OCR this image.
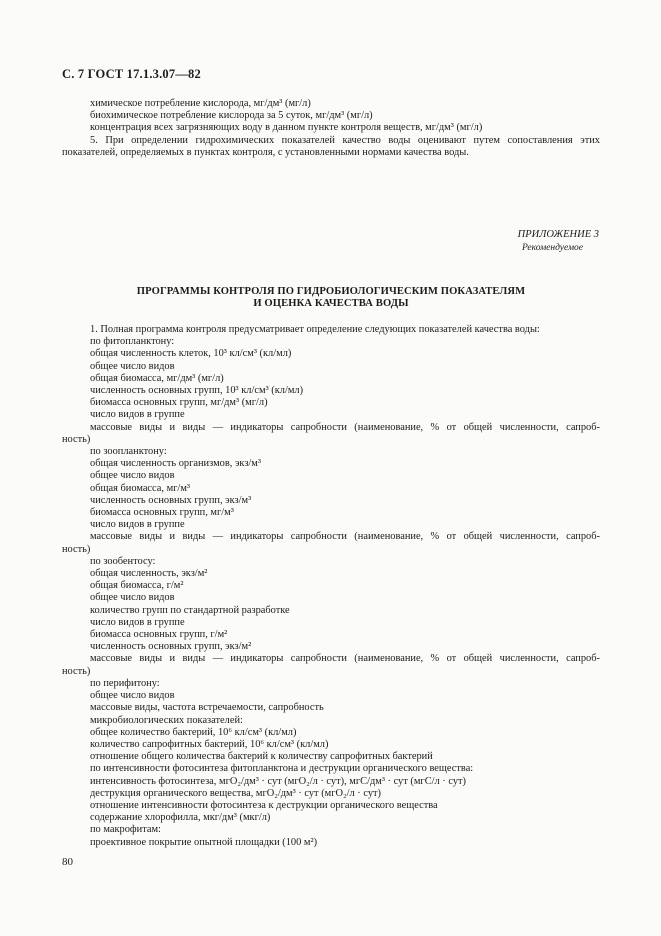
С. 7 ГОСТ 17.1.3.07—82

химическое потребление кислорода, мг/дм³ (мг/л)

биохимическое потребление кислорода за 5 суток, мг/дм³ (мг/л)

концентрация всех загрязняющих воду в данном пункте контроля веществ, мг/дм³ (мг/л)

5. При определении гидрохимических показателей качество воды оценивают путем сопоставления этих

показателей, определяемых в пунктах контроля, с установленными нормами качества воды.

ПРИЛОЖЕНИЕ 3
Рекомендуемое
ПРОГРАММЫ КОНТРОЛЯ ПО ГИДРОБИОЛОГИЧЕСКИМ ПОКАЗАТЕЛЯМ
И ОЦЕНКА КАЧЕСТВА ВОДЫ

1. Полная программа контроля предусматривает определение следующих показателей качества воды:

по фитопланктону:

общая численность клеток, 10³ кл/см³ (кл/мл)

общее число видов

общая биомасса, мг/дм³ (мг/л)

численность основных групп, 10³ кл/см³ (кл/мл)

биомасса основных групп, мг/дм³ (мг/л)

число видов в группе

массовые виды и виды — индикаторы сапробности (наименование, % от общей численности, сапроб-

ность)

по зоопланктону:

общая численность организмов, экз/м³

общее число видов

общая биомасса, мг/м³

численность основных групп, экз/м³

биомасса основных групп, мг/м³

число видов в группе

массовые виды и виды — индикаторы сапробности (наименование, % от общей численности, сапроб-

ность)

по зообентосу:

общая численность, экз/м²

общая биомасса, г/м²

общее число видов

количество групп по стандартной разработке

число видов в группе

биомасса основных групп, г/м²

численность основных групп, экз/м²

массовые виды и виды — индикаторы сапробности (наименование, % от общей численности, сапроб-

ность)

по перифитону:

общее число видов

массовые виды, частота встречаемости, сапробность

микробиологических показателей:

общее количество бактерий, 10⁶ кл/см³ (кл/мл)

количество сапрофитных бактерий, 10⁶ кл/см³ (кл/мл)

отношение общего количества бактерий к количеству сапрофитных бактерий

по интенсивности фотосинтеза фитопланктона и деструкции органического вещества:

интенсивность фотосинтеза, мгО₂/дм³ · сут (мгО₂/л · сут), мгС/дм³ · сут (мгС/л · сут)

деструкция органического вещества, мгО₂/дм³ · сут (мгО₂/л · сут)

отношение интенсивности фотосинтеза к деструкции органического вещества

содержание хлорофилла, мкг/дм³ (мкг/л)

по макрофитам:

проективное покрытие опытной площадки (100 м²)

80
